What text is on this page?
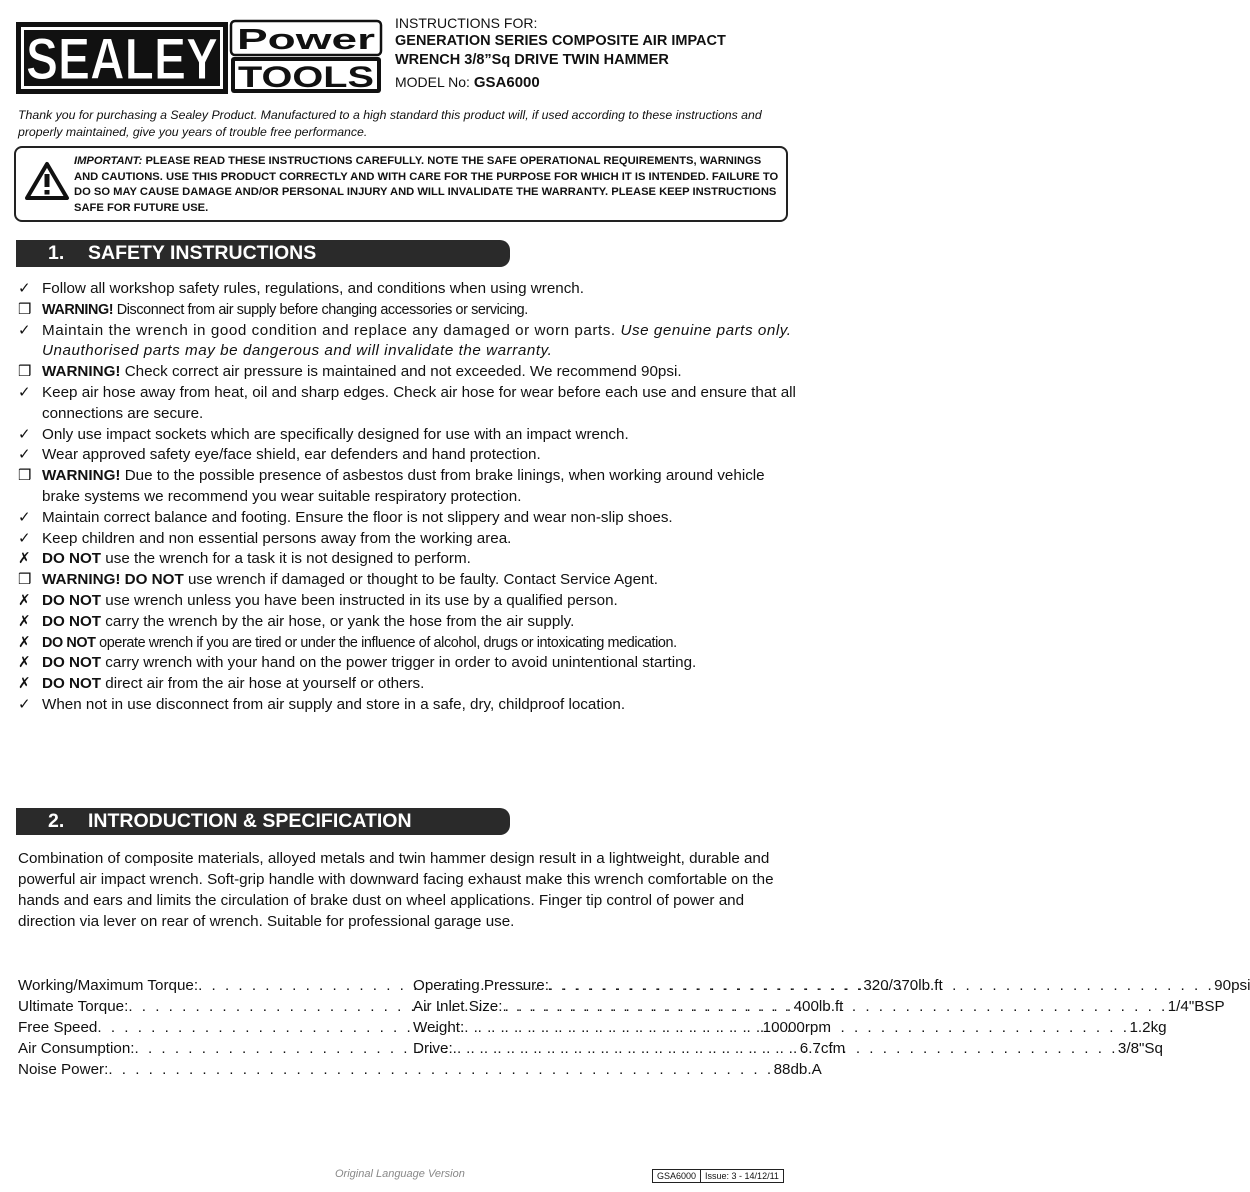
SEALEY Power
TOOLS
INSTRUCTIONS FOR:
GENERATION SERIES COMPOSITE AIR IMPACT
WRENCH 3/8”Sq DRIVE TWIN HAMMER
MODEL No: GSA6000
Thank you for purchasing a Sealey Product. Manufactured to a high standard this product will, if used according to these instructions and properly maintained, give you years of trouble free performance.
IMPORTANT: PLEASE READ THESE INSTRUCTIONS CAREFULLY. NOTE THE SAFE OPERATIONAL REQUIREMENTS, WARNINGS AND CAUTIONS. USE THIS PRODUCT CORRECTLY AND WITH CARE FOR THE PURPOSE FOR WHICH IT IS INTENDED. FAILURE TO DO SO MAY CAUSE DAMAGE AND/OR PERSONAL INJURY AND WILL INVALIDATE THE WARRANTY. PLEASE KEEP INSTRUCTIONS SAFE FOR FUTURE USE.
1. SAFETY INSTRUCTIONS
✓ Follow all workshop safety rules, regulations, and conditions when using wrench.
❒ WARNING! Disconnect from air supply before changing accessories or servicing.
✓ Maintain the wrench in good condition and replace any damaged or worn parts. Use genuine parts only. Unauthorised parts may be dangerous and will invalidate the warranty.
❒ WARNING! Check correct air pressure is maintained and not exceeded. We recommend 90psi.
✓ Keep air hose away from heat, oil and sharp edges. Check air hose for wear before each use and ensure that all connections are secure.
✓ Only use impact sockets which are specifically designed for use with an impact wrench.
✓ Wear approved safety eye/face shield, ear defenders and hand protection.
❒ WARNING! Due to the possible presence of asbestos dust from brake linings, when working around vehicle brake systems we recommend you wear suitable respiratory protection.
✓ Maintain correct balance and footing. Ensure the floor is not slippery and wear non-slip shoes.
✓ Keep children and non essential persons away from the working area.
✗ DO NOT use the wrench for a task it is not designed to perform.
❒ WARNING! DO NOT use wrench if damaged or thought to be faulty. Contact Service Agent.
✗ DO NOT use wrench unless you have been instructed in its use by a qualified person.
✗ DO NOT carry the wrench by the air hose, or yank the hose from the air supply.
✗ DO NOT operate wrench if you are tired or under the influence of alcohol, drugs or intoxicating medication.
✗ DO NOT carry wrench with your hand on the power trigger in order to avoid unintentional starting.
✗ DO NOT direct air from the air hose at yourself or others.
✓ When not in use disconnect from air supply and store in a safe, dry, childproof location.
2. INTRODUCTION & SPECIFICATION
Combination of composite materials, alloyed metals and twin hammer design result in a lightweight, durable and powerful air impact wrench. Soft-grip handle with downward facing exhaust make this wrench comfortable on the hands and ears and limits the circulation of brake dust on wheel applications. Finger tip control of power and direction via lever on rear of wrench. Suitable for professional garage use.
Working/Maximum Torque: . . .	320/370lb.ft
Ultimate Torque: . . .	400lb.ft
Free Speed . . .	10000rpm
Air Consumption: . . .	6.7cfm
Noise Power: . . .	88db.A
Operating Pressure: . . .	90psi
Air Inlet Size: . . .	1/4"BSP
Weight: . . .	1.2kg
Drive: . . .	3/8"Sq
Original Language Version	GSA6000	Issue: 3 - 14/12/11
